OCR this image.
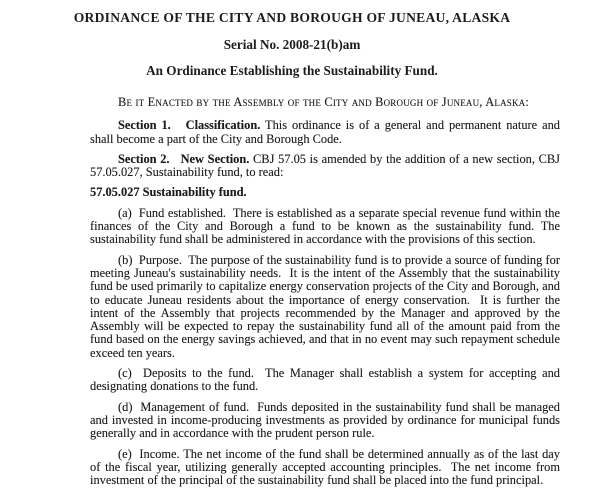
ORDINANCE OF THE CITY AND BOROUGH OF JUNEAU, ALASKA
Serial No. 2008-21(b)am
An Ordinance Establishing the Sustainability Fund.

Be it Enacted by the Assembly of the City and Borough of Juneau, Alaska:

Section 1.   Classification. This ordinance is of a general and permanent nature and shall become a part of the City and Borough Code.

Section 2.   New Section. CBJ 57.05 is amended by the addition of a new section, CBJ 57.05.027, Sustainability fund, to read:

57.05.027 Sustainability fund.

(a)  Fund established.  There is established as a separate special revenue fund within the finances of the City and Borough a fund to be known as the sustainability fund. The sustainability fund shall be administered in accordance with the provisions of this section.

(b)  Purpose.  The purpose of the sustainability fund is to provide a source of funding for meeting Juneau's sustainability needs.  It is the intent of the Assembly that the sustainability fund be used primarily to capitalize energy conservation projects of the City and Borough, and to educate Juneau residents about the importance of energy conservation.  It is further the intent of the Assembly that projects recommended by the Manager and approved by the Assembly will be expected to repay the sustainability fund all of the amount paid from the fund based on the energy savings achieved, and that in no event may such repayment schedule exceed ten years.

(c)  Deposits to the fund.  The Manager shall establish a system for accepting and designating donations to the fund.

(d)  Management of fund.  Funds deposited in the sustainability fund shall be managed and invested in income-producing investments as provided by ordinance for municipal funds generally and in accordance with the prudent person rule.

(e)  Income. The net income of the fund shall be determined annually as of the last day of the fiscal year, utilizing generally accepted accounting principles.  The net income from investment of the principal of the sustainability fund shall be placed into the fund principal.
